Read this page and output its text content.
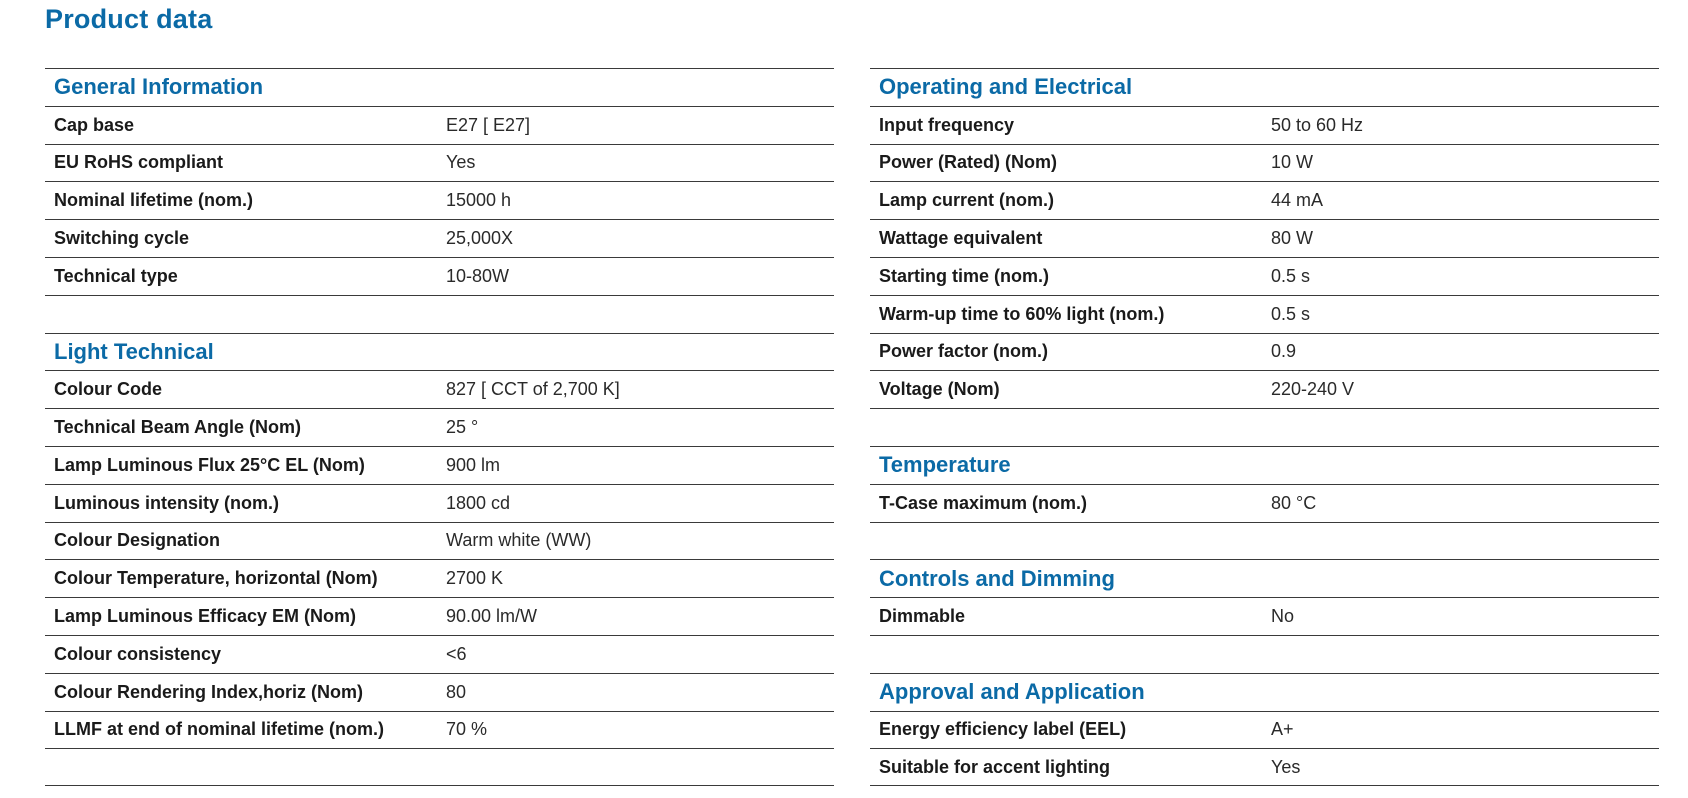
Product data
General Information
Cap base	E27 [ E27]
EU RoHS compliant	Yes
Nominal lifetime (nom.)	15000 h
Switching cycle	25,000X
Technical type	10-80W
Light Technical
Colour Code	827 [ CCT of 2,700 K]
Technical Beam Angle (Nom)	25 °
Lamp Luminous Flux 25°C EL (Nom)	900 lm
Luminous intensity (nom.)	1800 cd
Colour Designation	Warm white (WW)
Colour Temperature, horizontal (Nom)	2700 K
Lamp Luminous Efficacy EM (Nom)	90.00 lm/W
Colour consistency	<6
Colour Rendering Index,horiz (Nom)	80
LLMF at end of nominal lifetime (nom.)	70 %
Operating and Electrical
Input frequency	50 to 60 Hz
Power (Rated) (Nom)	10 W
Lamp current (nom.)	44 mA
Wattage equivalent	80 W
Starting time (nom.)	0.5 s
Warm-up time to 60% light (nom.)	0.5 s
Power factor (nom.)	0.9
Voltage (Nom)	220-240 V
Temperature
T-Case maximum (nom.)	80 °C
Controls and Dimming
Dimmable	No
Approval and Application
Energy efficiency label (EEL)	A+
Suitable for accent lighting	Yes
